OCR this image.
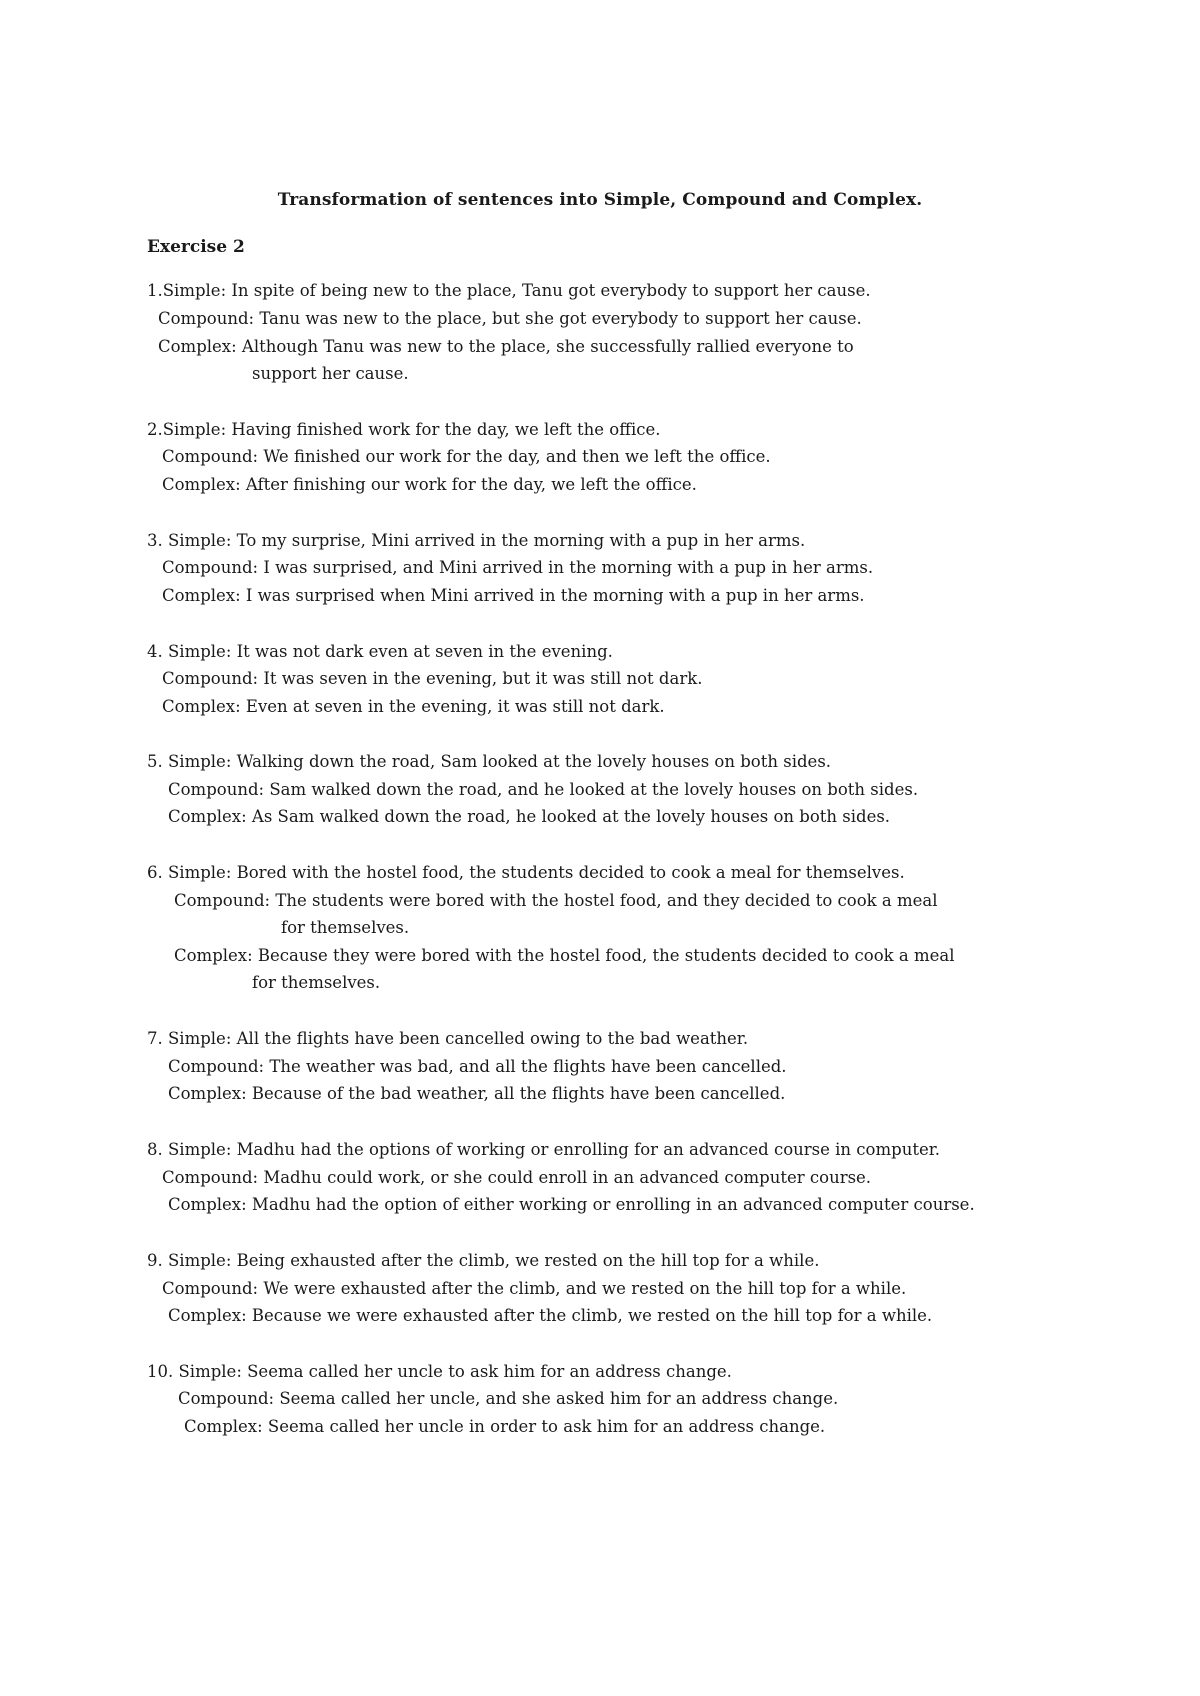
Transformation of sentences into Simple, Compound and Complex.
Exercise 2
1.Simple: In spite of being new to the place, Tanu got everybody to support her cause.
Compound: Tanu was new to the place, but she got everybody to support her cause.
Complex: Although Tanu was new to the place, she successfully rallied everyone to
support her cause.
2.Simple: Having finished work for the day, we left the office.
Compound: We finished our work for the day, and then we left the office.
Complex: After finishing our work for the day, we left the office.
3. Simple: To my surprise, Mini arrived in the morning with a pup in her arms.
Compound: I was surprised, and Mini arrived in the morning with a pup in her arms.
Complex: I was surprised when Mini arrived in the morning with a pup in her arms.
4. Simple: It was not dark even at seven in the evening.
Compound: It was seven in the evening, but it was still not dark.
Complex: Even at seven in the evening, it was still not dark.
5. Simple: Walking down the road, Sam looked at the lovely houses on both sides.
Compound: Sam walked down the road, and he looked at the lovely houses on both sides.
Complex: As Sam walked down the road, he looked at the lovely houses on both sides.
6. Simple: Bored with the hostel food, the students decided to cook a meal for themselves.
Compound: The students were bored with the hostel food, and they decided to cook a meal
for themselves.
Complex: Because they were bored with the hostel food, the students decided to cook a meal
for themselves.
7. Simple: All the flights have been cancelled owing to the bad weather.
Compound: The weather was bad, and all the flights have been cancelled.
Complex: Because of the bad weather, all the flights have been cancelled.
8. Simple: Madhu had the options of working or enrolling for an advanced course in computer.
Compound: Madhu could work, or she could enroll in an advanced computer course.
Complex: Madhu had the option of either working or enrolling in an advanced computer course.
9. Simple: Being exhausted after the climb, we rested on the hill top for a while.
Compound: We were exhausted after the climb, and we rested on the hill top for a while.
Complex: Because we were exhausted after the climb, we rested on the hill top for a while.
10. Simple: Seema called her uncle to ask him for an address change.
Compound: Seema called her uncle, and she asked him for an address change.
Complex: Seema called her uncle in order to ask him for an address change.
